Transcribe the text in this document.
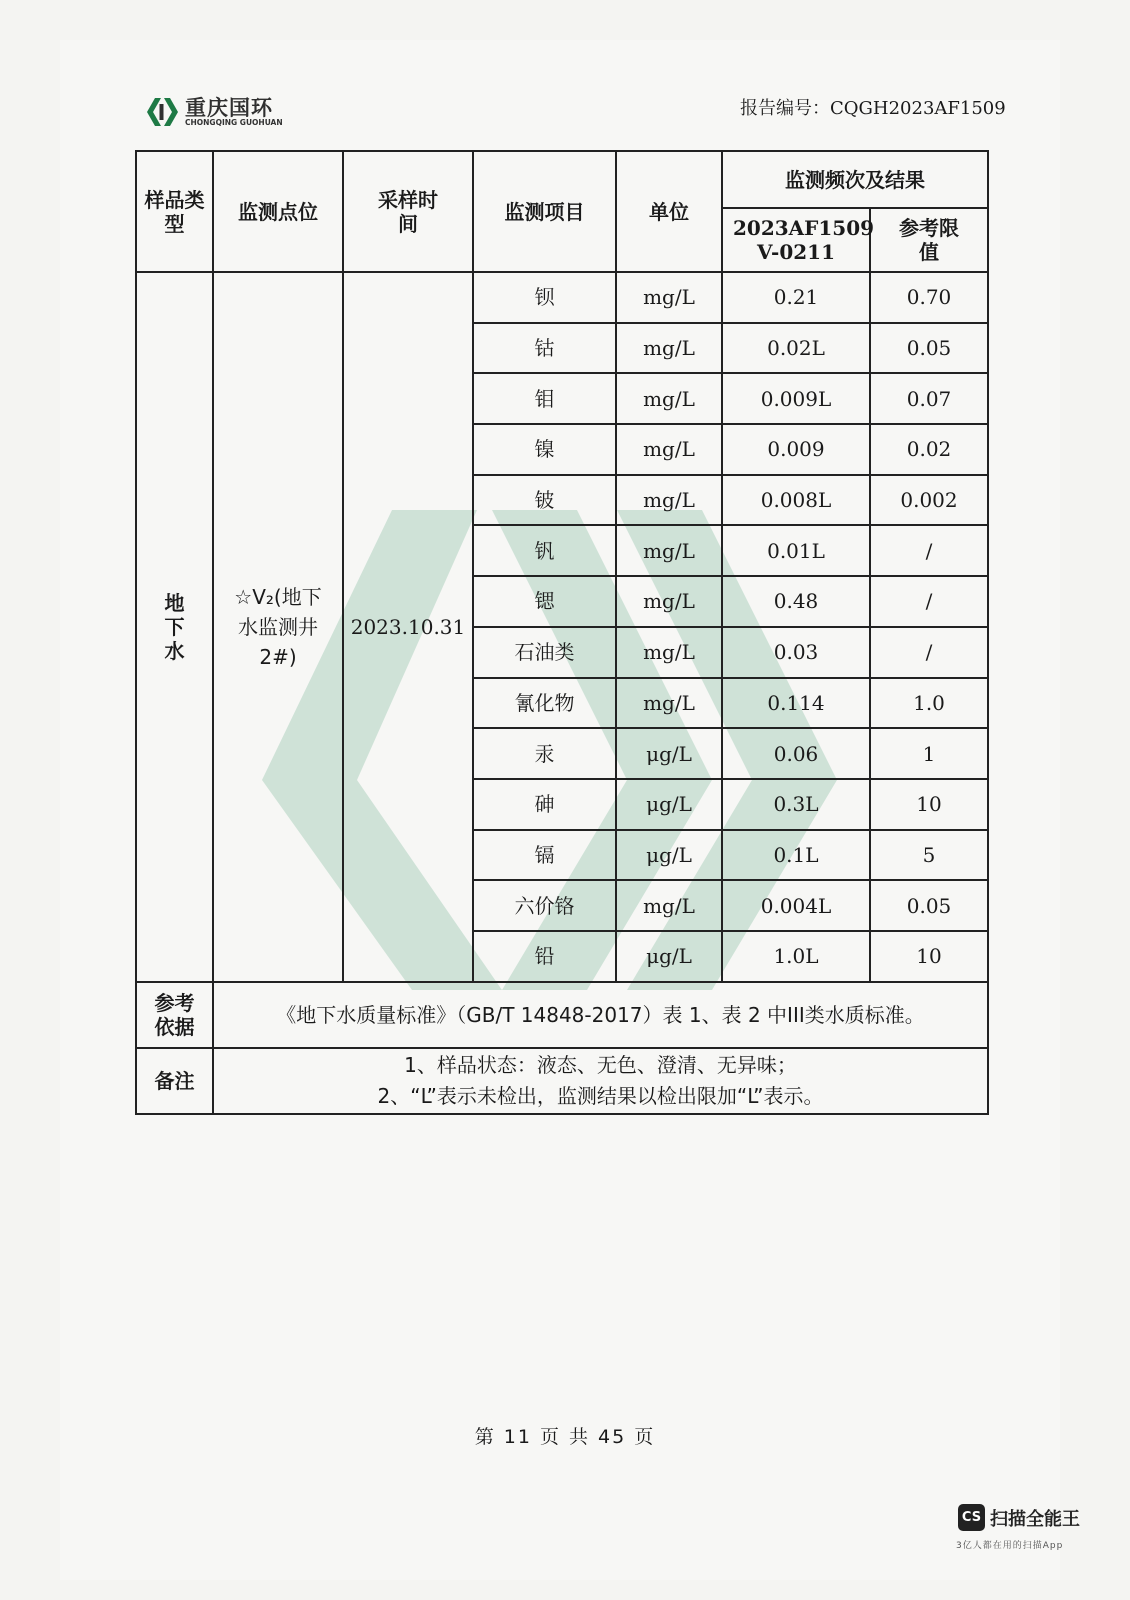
重庆国环
CHONGQING GUOHUAN
报告编号：CQGH2023AF1509
样品类型	监测点位	采样时间	监测项目	单位	监测频次及结果	
					2023AF1509 V-0211	参考限值
地下水	☆V₂(地下水监测井2#)	2023.10.31	钡	mg/L	0.21	0.70
			钴	mg/L	0.02L	0.05
			钼	mg/L	0.009L	0.07
			镍	mg/L	0.009	0.02
			铍	mg/L	0.008L	0.002
			钒	mg/L	0.01L	/
			锶	mg/L	0.48	/
			石油类	mg/L	0.03	/
			氰化物	mg/L	0.114	1.0
			汞	μg/L	0.06	1
			砷	μg/L	0.3L	10
			镉	μg/L	0.1L	5
			六价铬	mg/L	0.004L	0.05
			铅	μg/L	1.0L	10
参考依据	《地下水质量标准》（GB/T 14848-2017）表 1、表 2 中III类水质标准。					
备注	1、样品状态：液态、无色、澄清、无异味；
2、“L”表示未检出，监测结果以检出限加“L”表示。					
第 11 页 共 45 页
CS 扫描全能王
3亿人都在用的扫描App
